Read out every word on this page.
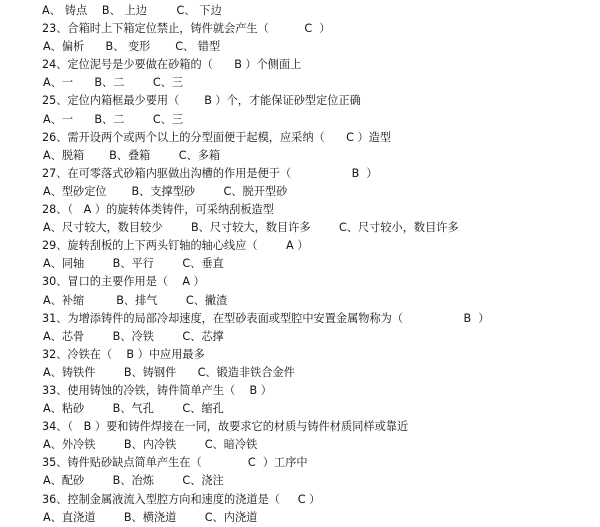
A、 铸点    B、 上边        C、 下边
23、合箱时上下箱定位禁止，铸件就会产生（          C  ）
A、偏析      B、 变形       C、 错型
24、定位泥号是少要做在砂箱的（      B ）个侧面上
A、一      B、二        C、三
25、定位内箱框最少要用（       B ）个，才能保证砂型定位正确
A、一      B、二        C、三
26、需开设两个或两个以上的分型面便于起模，应采纳（      C ）造型
A、脱箱       B、叠箱        C、多箱
27、在可零落式砂箱内驱做出沟槽的作用是便于（                 B  ）
A、型砂定位       B、支撑型砂        C、脱开型砂
28、（   A ）的旋转体类铸件，可采纳刮板造型
A、尺寸较大，数目较少        B、尺寸较大，数目许多        C、尺寸较小，数目许多
29、旋转刮板的上下两头钉轴的轴心线应（        A ）
A、同轴        B、平行        C、垂直
30、冒口的主要作用是（    A ）
A、补缩         B、排气        C、撇渣
31、为增添铸件的局部冷却速度，在型砂表面或型腔中安置金属物称为（                 B  ）
A、芯骨        B、冷铁        C、芯撑
32、冷铁在（    B ）中应用最多
A、铸铁件        B、铸钢件      C、锻造非铁合金件
33、使用铸蚀的冷铁，铸件简单产生（    B ）
A、粘砂        B、气孔        C、缩孔
34、（   B ）要和铸件焊接在一同，故要求它的材质与铸件材质同样或靠近
A、外冷铁        B、内冷铁        C、暗冷铁
35、铸件贴砂缺点简单产生在（             C  ）工序中
A、配砂        B、冶炼        C、浇注
36、控制金属液流入型腔方向和速度的浇道是（     C ）
A、直浇道        B、横浇道        C、内浇道
